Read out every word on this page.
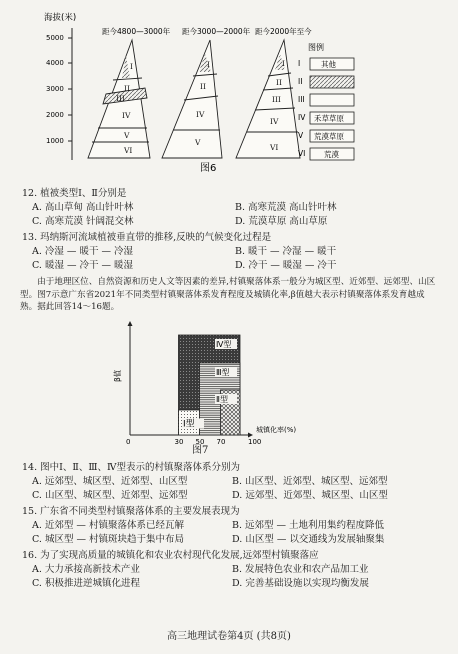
海拔(米)
5000
4000
3000
2000
1000
距今4800—3000年
I
II
III
IV
V
VI
距今3000—2000年
I
II
IV
V
距今2000年至今
I
II
III
IV
VI
图例
I	其他
II
III
IV 禾草草原
V 荒漠草原
VI 荒漠
图6
12. 植被类型Ⅰ、Ⅱ分别是
A. 高山草甸 高山针叶林	B. 高寒荒漠 高山针叶林
C. 高寒荒漠 针阔混交林	D. 荒漠草原 高山草原
13. 玛纳斯河流域植被垂直带的推移,反映的气候变化过程是
A. 冷湿 — 暖干 — 冷湿	B. 暖干 — 冷湿 — 暖干
C. 暖湿 — 冷干 — 暖湿	D. 冷干 — 暖湿 — 冷干
由于地理区位、自然资源和历史人文等因素的差异,村镇聚落体系一般分为城区型、近郊型、远郊型、山区型。图7示意广东省2021年不同类型村镇聚落体系发育程度及城镇化率,β值越大表示村镇聚落体系发育越成熟。据此回答14～16题。
β值
城镇化率(%)
Ⅳ型
Ⅲ型
Ⅱ型
Ⅰ型
0	30 50 70	100
图7
14. 图中Ⅰ、Ⅱ、Ⅲ、Ⅳ型表示的村镇聚落体系分别为
A. 远郊型、城区型、近郊型、山区型	B. 山区型、近郊型、城区型、远郊型
C. 山区型、城区型、近郊型、远郊型	D. 远郊型、近郊型、城区型、山区型
15. 广东省不同类型村镇聚落体系的主要发展表现为
A. 近郊型 — 村镇聚落体系已经瓦解	B. 远郊型 — 土地利用集约程度降低
C. 城区型 — 村镇斑块趋于集中布局	D. 山区型 — 以交通线为发展轴聚集
16. 为了实现高质量的城镇化和农业农村现代化发展,远郊型村镇聚落应
A. 大力承接高新技术产业	B. 发展特色农业和农产品加工业
C. 积极推进逆城镇化进程	D. 完善基础设施以实现均衡发展
高三地理试卷第4页 (共8页)
